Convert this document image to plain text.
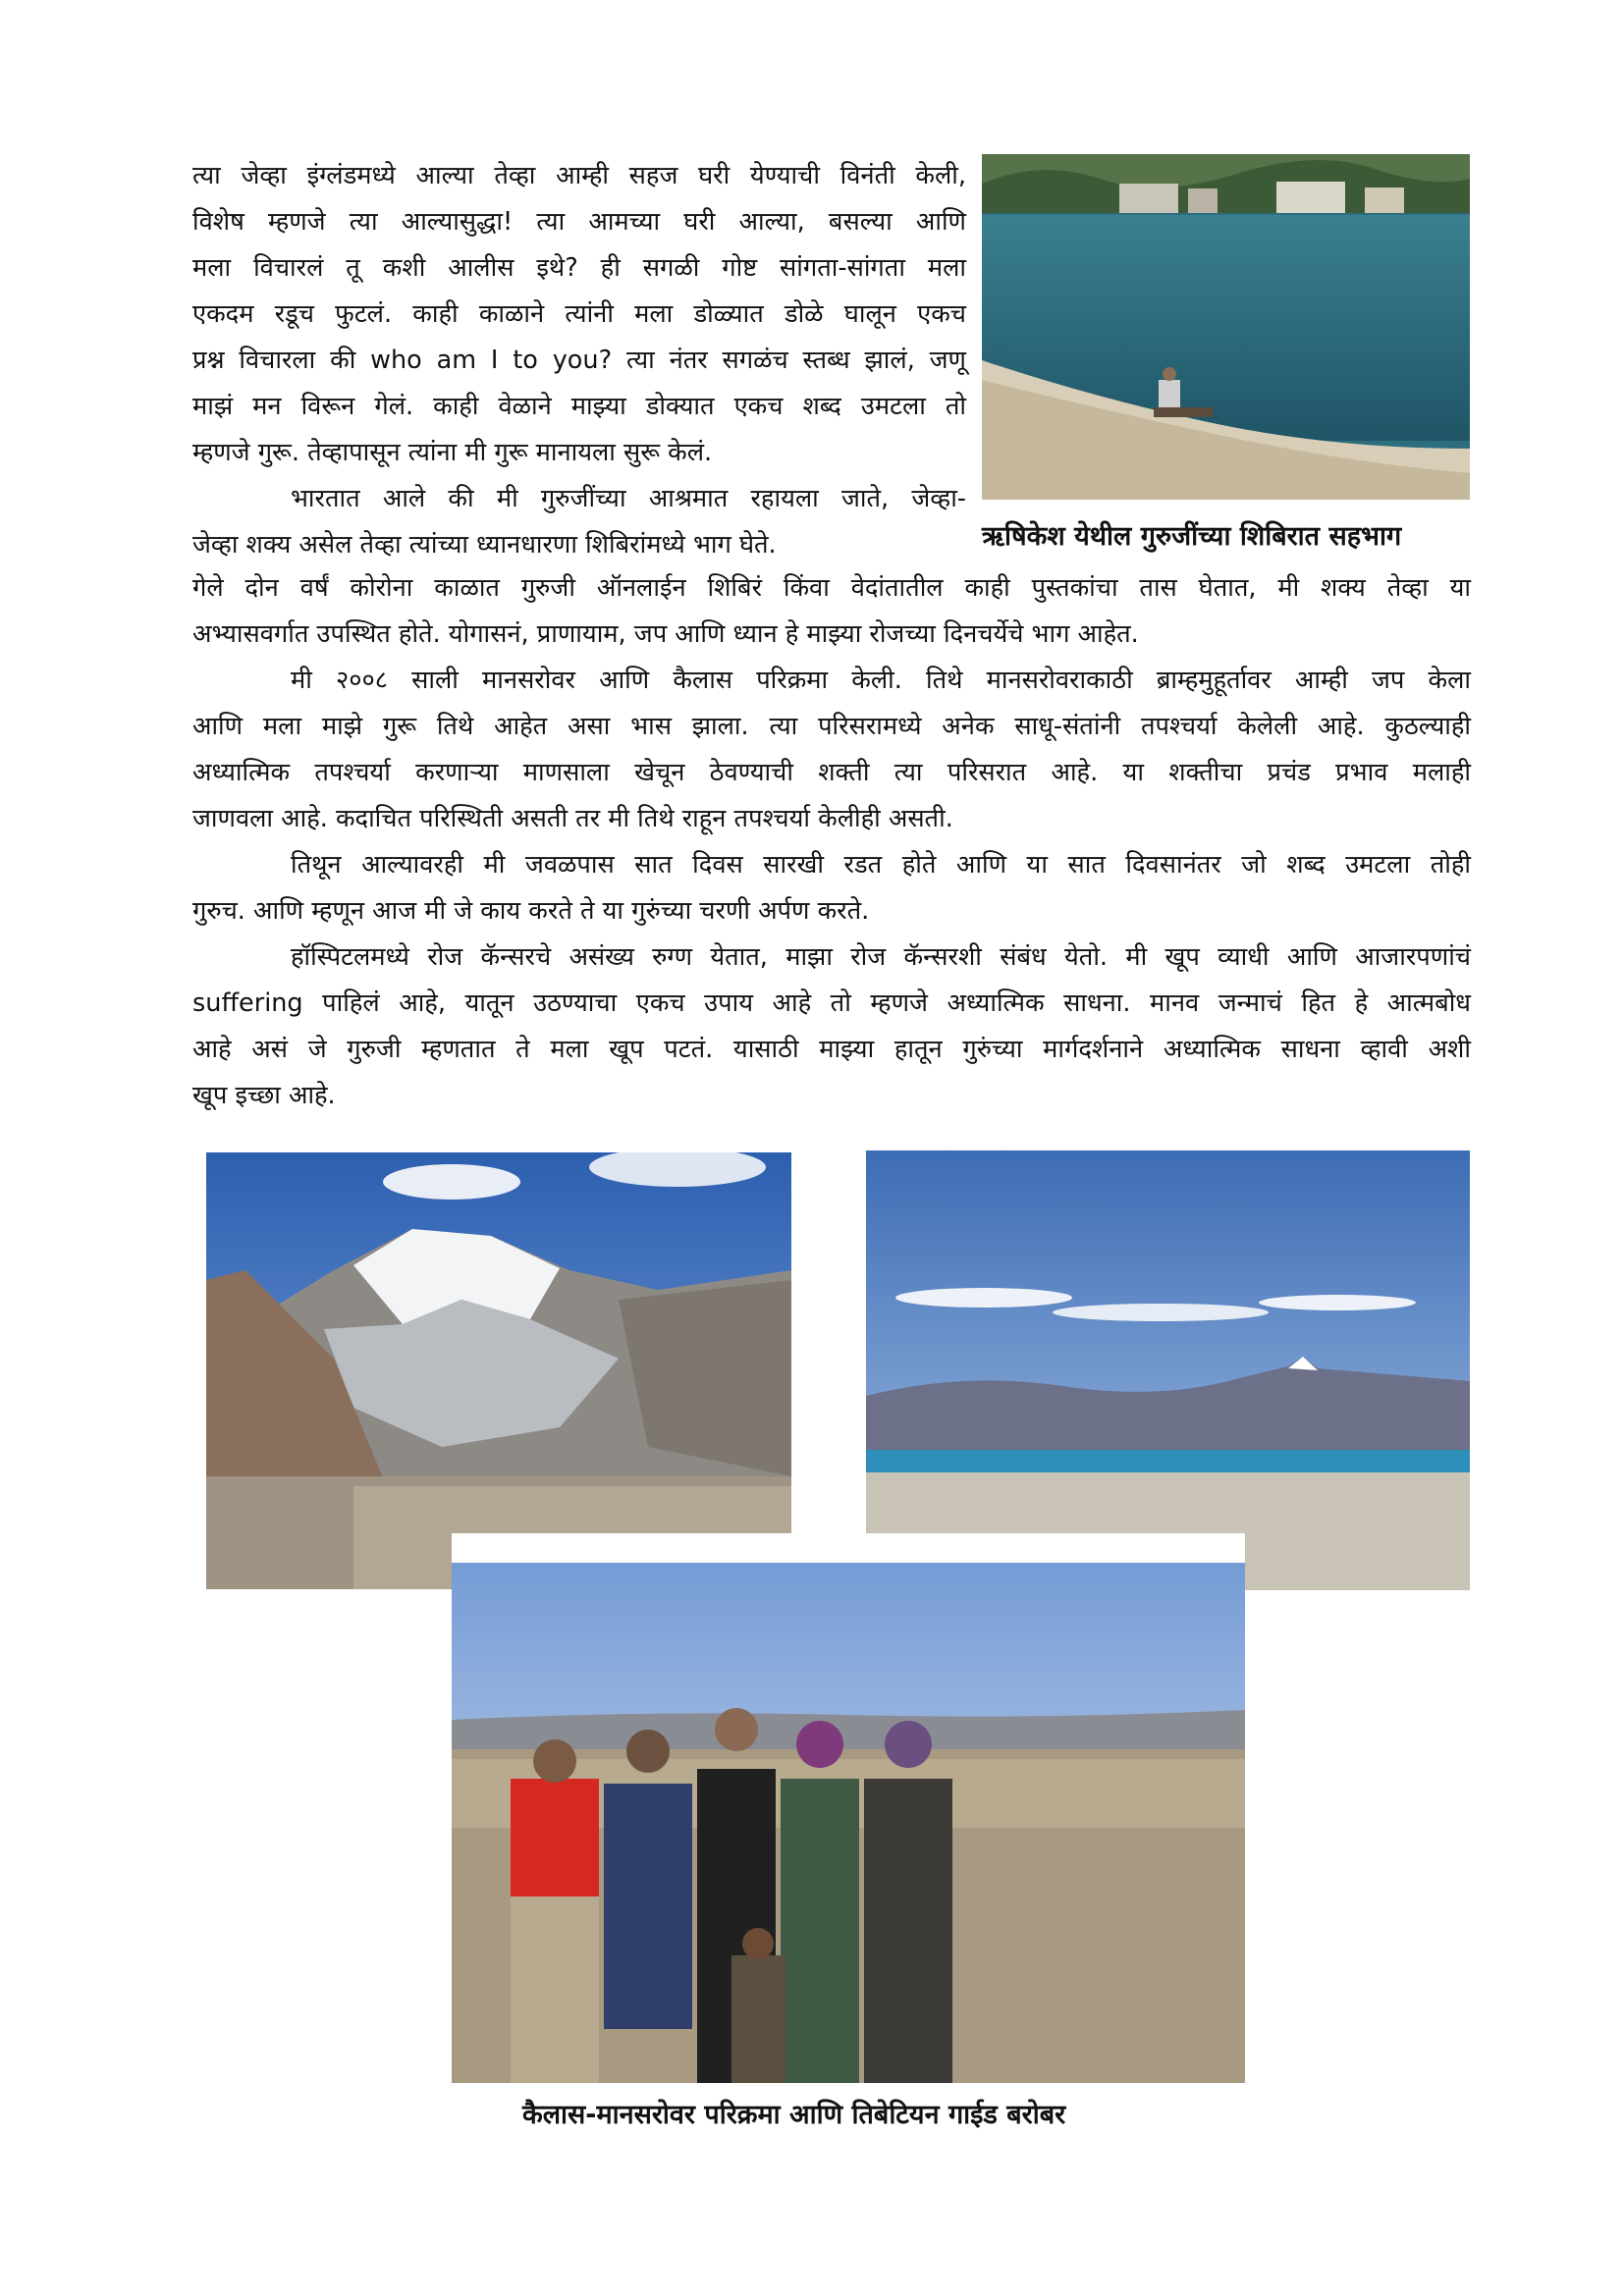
त्या जेव्हा इंग्लंडमध्ये आल्या तेव्हा आम्ही सहज घरी येण्याची विनंती केली,
विशेष म्हणजे त्या आल्यासुद्धा! त्या आमच्या घरी आल्या, बसल्या आणि
मला विचारलं तू कशी आलीस इथे? ही सगळी गोष्ट सांगता-सांगता मला
एकदम रडूच फुटलं. काही काळाने त्यांनी मला डोळ्यात डोळे घालून एकच
प्रश्न विचारला की who am I to you? त्या नंतर सगळंच स्तब्ध झालं, जणू
माझं मन विरून गेलं. काही वेळाने माझ्या डोक्यात एकच शब्द उमटला तो
म्हणजे गुरू. तेव्हापासून त्यांना मी गुरू मानायला सुरू केलं.
भारतात आले की मी गुरुजींच्या आश्रमात रहायला जाते, जेव्हा-
जेव्हा शक्य असेल तेव्हा त्यांच्या ध्यानधारणा शिबिरांमध्ये भाग घेते.	ऋषिकेश येथील गुरुजींच्या शिबिरात सहभाग
गेले दोन वर्षं कोरोना काळात गुरुजी ऑनलाईन शिबिरं किंवा वेदांतातील काही पुस्तकांचा तास घेतात, मी शक्य तेव्हा या
अभ्यासवर्गात उपस्थित होते. योगासनं, प्राणायाम, जप आणि ध्यान हे माझ्या रोजच्या दिनचर्येचे भाग आहेत.
मी २००८ साली मानसरोवर आणि कैलास परिक्रमा केली. तिथे मानसरोवराकाठी ब्राम्हमुहूर्तावर आम्ही जप केला
आणि मला माझे गुरू तिथे आहेत असा भास झाला. त्या परिसरामध्ये अनेक साधू-संतांनी तपश्चर्या केलेली आहे. कुठल्याही
अध्यात्मिक तपश्चर्या करणाऱ्या माणसाला खेचून ठेवण्याची शक्ती त्या परिसरात आहे. या शक्तीचा प्रचंड प्रभाव मलाही
जाणवला आहे. कदाचित परिस्थिती असती तर मी तिथे राहून तपश्चर्या केलीही असती.
तिथून आल्यावरही मी जवळपास सात दिवस सारखी रडत होते आणि या सात दिवसानंतर जो शब्द उमटला तोही
गुरुच. आणि म्हणून आज मी जे काय करते ते या गुरुंच्या चरणी अर्पण करते.
हॉस्पिटलमध्ये रोज कॅन्सरचे असंख्य रुग्ण येतात, माझा रोज कॅन्सरशी संबंध येतो. मी खूप व्याधी आणि आजारपणांचं
suffering पाहिलं आहे, यातून उठण्याचा एकच उपाय आहे तो म्हणजे अध्यात्मिक साधना. मानव जन्माचं हित हे आत्मबोध
आहे असं जे गुरुजी म्हणतात ते मला खूप पटतं. यासाठी माझ्या हातून गुरुंच्या मार्गदर्शनाने अध्यात्मिक साधना व्हावी अशी
खूप इच्छा आहे.
कैलास-मानसरोवर परिक्रमा आणि तिबेटियन गाईड बरोबर
